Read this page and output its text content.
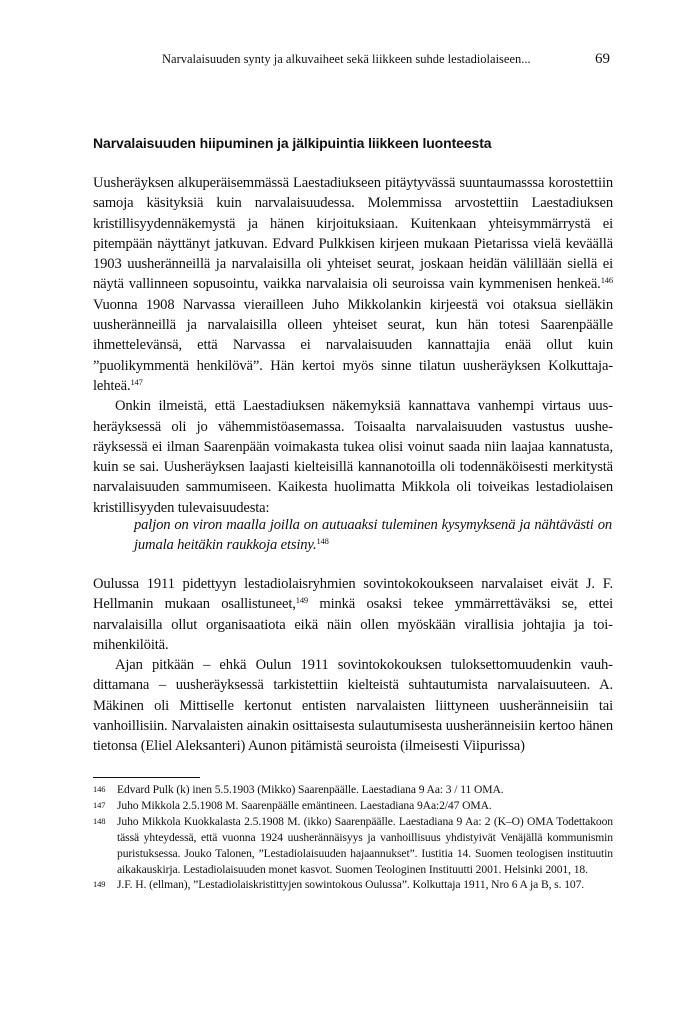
Narvalaisuuden synty ja alkuvaiheet sekä liikkeen suhde lestadiolaiseen...	69
Narvalaisuuden hiipuminen ja jälkipuintia liikkeen luonteesta

Uusheräyksen alkuperäisemmässä Laestadiukseen pitäytyvässä suuntaumasssa korostettiin samoja käsityksiä kuin narvalaisuudessa. Molemmissa arvostettiin Laestadiuksen kristillisyydennäkemystä ja hänen kirjoituksiaan. Kuitenkaan yhteisymmärrystä ei pitempään näyttänyt jatkuvan. Edvard Pulkkisen kirjeen mukaan Pietarissa vielä keväällä 1903 uusheränneillä ja narvalaisilla oli yhteiset seurat, joskaan heidän välillään siellä ei näytä vallinneen sopusointu, vaikka narvalaisia oli seuroissa vain kymmenisen henkeä.$^{146}$ Vuonna 1908 Narvassa vierailleen Juho Mikkolankin kirjeestä voi otaksua sielläkin uusheränneillä ja narvalaisilla olleen yhteiset seurat, kun hän totesi Saarenpäälle ihmettelevänsä, että Narvassa ei narvalaisuuden kannattajia enää ollut kuin ”puolikymmentä henkilövä”. Hän kertoi myös sinne tilatun uusheräyksen Kolkuttaja-lehteä.$^{147}$

Onkin ilmeistä, että Laestadiuksen näkemyksiä kannattava vanhempi virtaus uusheräyksessä oli jo vähemmistöasemassa. Toisaalta narvalaisuuden vastustus uusheräyksessä ei ilman Saarenpään voimakasta tukea olisi voinut saada niin laajaa kannatusta, kuin se sai. Uusheräyksen laajasti kielteisillä kannanotoilla oli todennäköisesti merkitystä narvalaisuuden sammumiseen. Kaikesta huolimatta Mikkola oli toiveikas lestadiolaisen kristillisyyden tulevaisuudesta:

paljon on viron maalla joilla on autuaaksi tuleminen kysymyksenä ja nähtävästi on jumala heitäkin raukkoja etsiny.$^{148}$

Oulussa 1911 pidettyyn lestadiolaisryhmien sovintokokoukseen narvalaiset eivät J. F. Hellmanin mukaan osallistuneet,$^{149}$ minkä osaksi tekee ymmärrettäväksi se, ettei narvalaisilla ollut organisaatiota eikä näin ollen myöskään virallisia johtajia ja toimihenkilöitä.

Ajan pitkään – ehkä Oulun 1911 sovintokokouksen tuloksettomuudenkin vauhdittamana – uusheräyksessä tarkistettiin kielteistä suhtautumista narvalaisuuteen. A. Mäkinen oli Mittiselle kertonut entisten narvalaisten liittyneen uusheränneisiin tai vanhoillisiin. Narvalaisten ainakin osittaisesta sulautumisesta uusheränneisiin kertoo hänen tietonsa (Eliel Aleksanteri) Aunon pitämistä seuroista (ilmeisesti Viipurissa)

146 Edvard Pulk (k) inen 5.5.1903 (Mikko) Saarenpäälle. Laestadiana 9 Aa: 3 / 11 OMA.
147 Juho Mikkola 2.5.1908 M. Saarenpäälle emäntineen. Laestadiana 9Aa:2/47 OMA.
148 Juho Mikkola Kuokkalasta 2.5.1908 M. (ikko) Saarenpäälle. Laestadiana 9 Aa: 2 (K–O) OMA Todettakoon tässä yhteydessä, että vuonna 1924 uusherännäisyys ja vanhoillisuus yhdistyivät Venäjällä kommunismin puristuksessa. Jouko Talonen, ”Lestadiolaisuuden hajaannukset”. Iustitia 14. Suomen teologisen instituutin aikakauskirja. Lestadiolaisuuden monet kasvot. Suomen Teologinen Instituutti 2001. Helsinki 2001, 18.
149 J.F. H. (ellman), ”Lestadiolaiskristittyjen sowintokous Oulussa”. Kolkuttaja 1911, Nro 6 A ja B, s. 107.
